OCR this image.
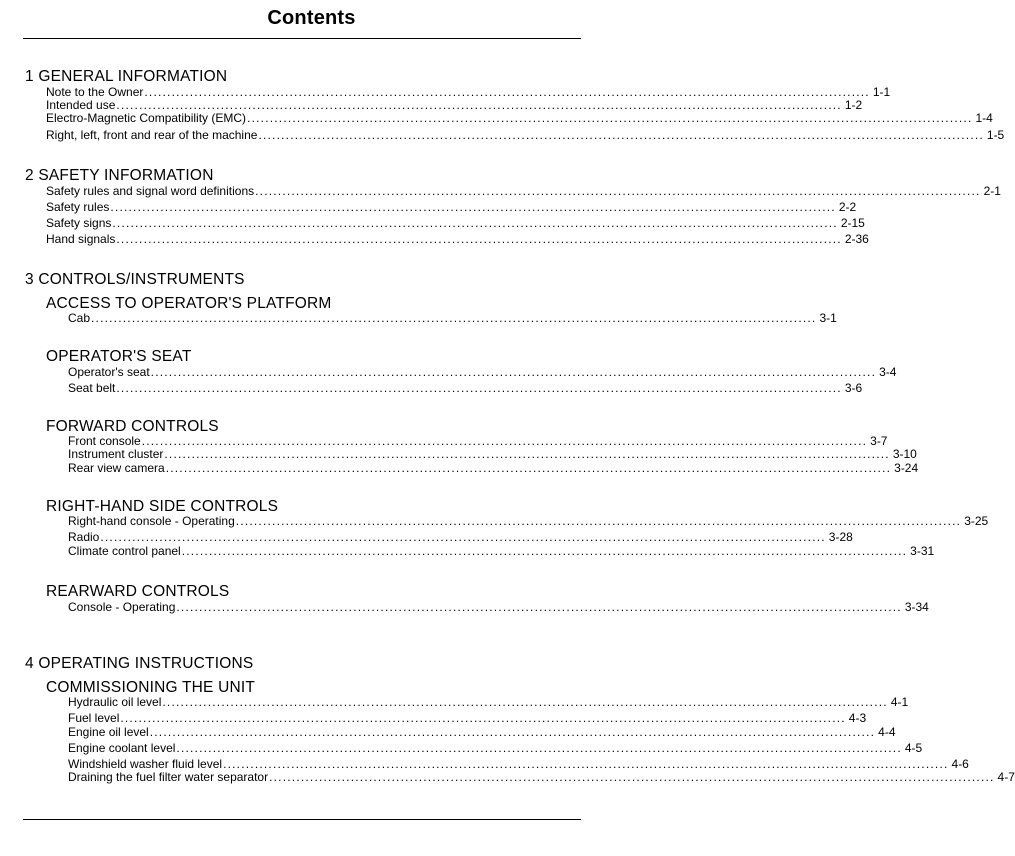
Contents
1 GENERAL INFORMATION
Note to the Owner ................................................................................................................................................................ 1-1
Intended use ................................................................................................................................................................ 1-2
Electro-Magnetic Compatibility (EMC) ................................................................................................................................................................ 1-4
Right, left, front and rear of the machine ................................................................................................................................................................ 1-5
2 SAFETY INFORMATION
Safety rules and signal word definitions ................................................................................................................................................................ 2-1
Safety rules ................................................................................................................................................................ 2-2
Safety signs ................................................................................................................................................................ 2-15
Hand signals ................................................................................................................................................................ 2-36
3 CONTROLS/INSTRUMENTS
ACCESS TO OPERATOR'S PLATFORM
Cab ................................................................................................................................................................ 3-1
OPERATOR'S SEAT
Operator's seat ................................................................................................................................................................ 3-4
Seat belt ................................................................................................................................................................ 3-6
FORWARD CONTROLS
Front console ................................................................................................................................................................ 3-7
Instrument cluster ................................................................................................................................................................ 3-10
Rear view camera ................................................................................................................................................................ 3-24
RIGHT-HAND SIDE CONTROLS
Right-hand console - Operating ................................................................................................................................................................ 3-25
Radio ................................................................................................................................................................ 3-28
Climate control panel ................................................................................................................................................................ 3-31
REARWARD CONTROLS
Console - Operating ................................................................................................................................................................ 3-34
4 OPERATING INSTRUCTIONS
COMMISSIONING THE UNIT
Hydraulic oil level ................................................................................................................................................................ 4-1
Fuel level ................................................................................................................................................................ 4-3
Engine oil level ................................................................................................................................................................ 4-4
Engine coolant level ................................................................................................................................................................ 4-5
Windshield washer fluid level ................................................................................................................................................................ 4-6
Draining the fuel filter water separator ................................................................................................................................................................ 4-7
